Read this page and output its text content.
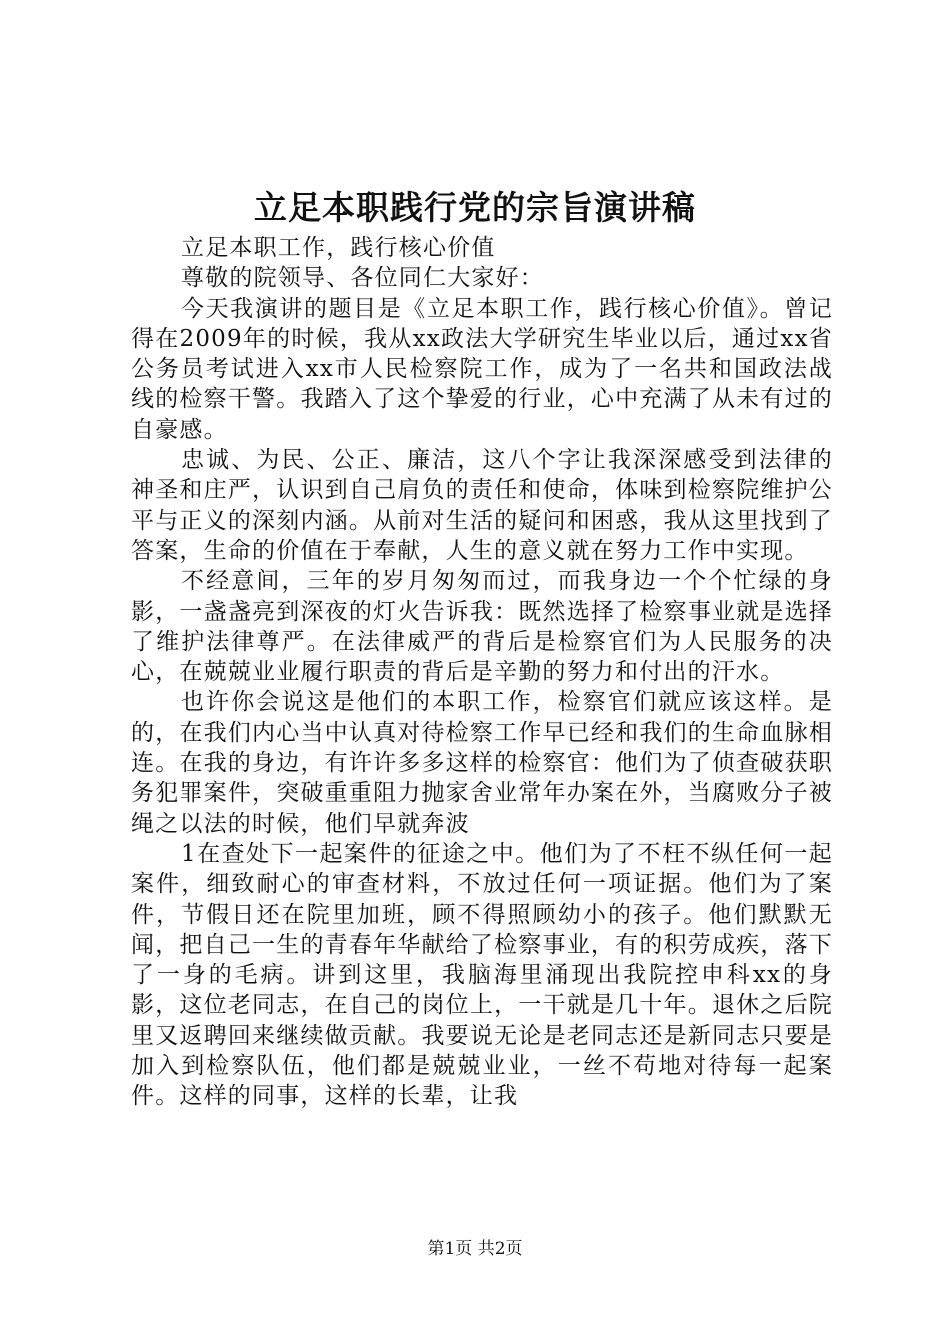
立足本职践行党的宗旨演讲稿

立足本职工作，践行核心价值

尊敬的院领导、各位同仁大家好：

今天我演讲的题目是《立足本职工作，践行核心价值》。曾记得在2009年的时候，我从xx政法大学研究生毕业以后，通过xx省公务员考试进入xx市人民检察院工作，成为了一名共和国政法战线的检察干警。我踏入了这个挚爱的行业，心中充满了从未有过的自豪感。

忠诚、为民、公正、廉洁，这八个字让我深深感受到法律的神圣和庄严，认识到自己肩负的责任和使命，体味到检察院维护公平与正义的深刻内涵。从前对生活的疑问和困惑，我从这里找到了答案，生命的价值在于奉献，人生的意义就在努力工作中实现。

不经意间，三年的岁月匆匆而过，而我身边一个个忙绿的身影，一盏盏亮到深夜的灯火告诉我：既然选择了检察事业就是选择了维护法律尊严。在法律威严的背后是检察官们为人民服务的决心，在兢兢业业履行职责的背后是辛勤的努力和付出的汗水。

也许你会说这是他们的本职工作，检察官们就应该这样。是的，在我们内心当中认真对待检察工作早已经和我们的生命血脉相连。在我的身边，有许许多多这样的检察官：他们为了侦查破获职务犯罪案件，突破重重阻力抛家舍业常年办案在外，当腐败分子被绳之以法的时候，他们早就奔波

1在查处下一起案件的征途之中。他们为了不枉不纵任何一起案件，细致耐心的审查材料，不放过任何一项证据。他们为了案件，节假日还在院里加班，顾不得照顾幼小的孩子。他们默默无闻，把自己一生的青春年华献给了检察事业，有的积劳成疾，落下了一身的毛病。讲到这里，我脑海里涌现出我院控申科xx的身影，这位老同志，在自己的岗位上，一干就是几十年。退休之后院里又返聘回来继续做贡献。我要说无论是老同志还是新同志只要是加入到检察队伍，他们都是兢兢业业，一丝不苟地对待每一起案件。这样的同事，这样的长辈，让我

第1页 共2页
